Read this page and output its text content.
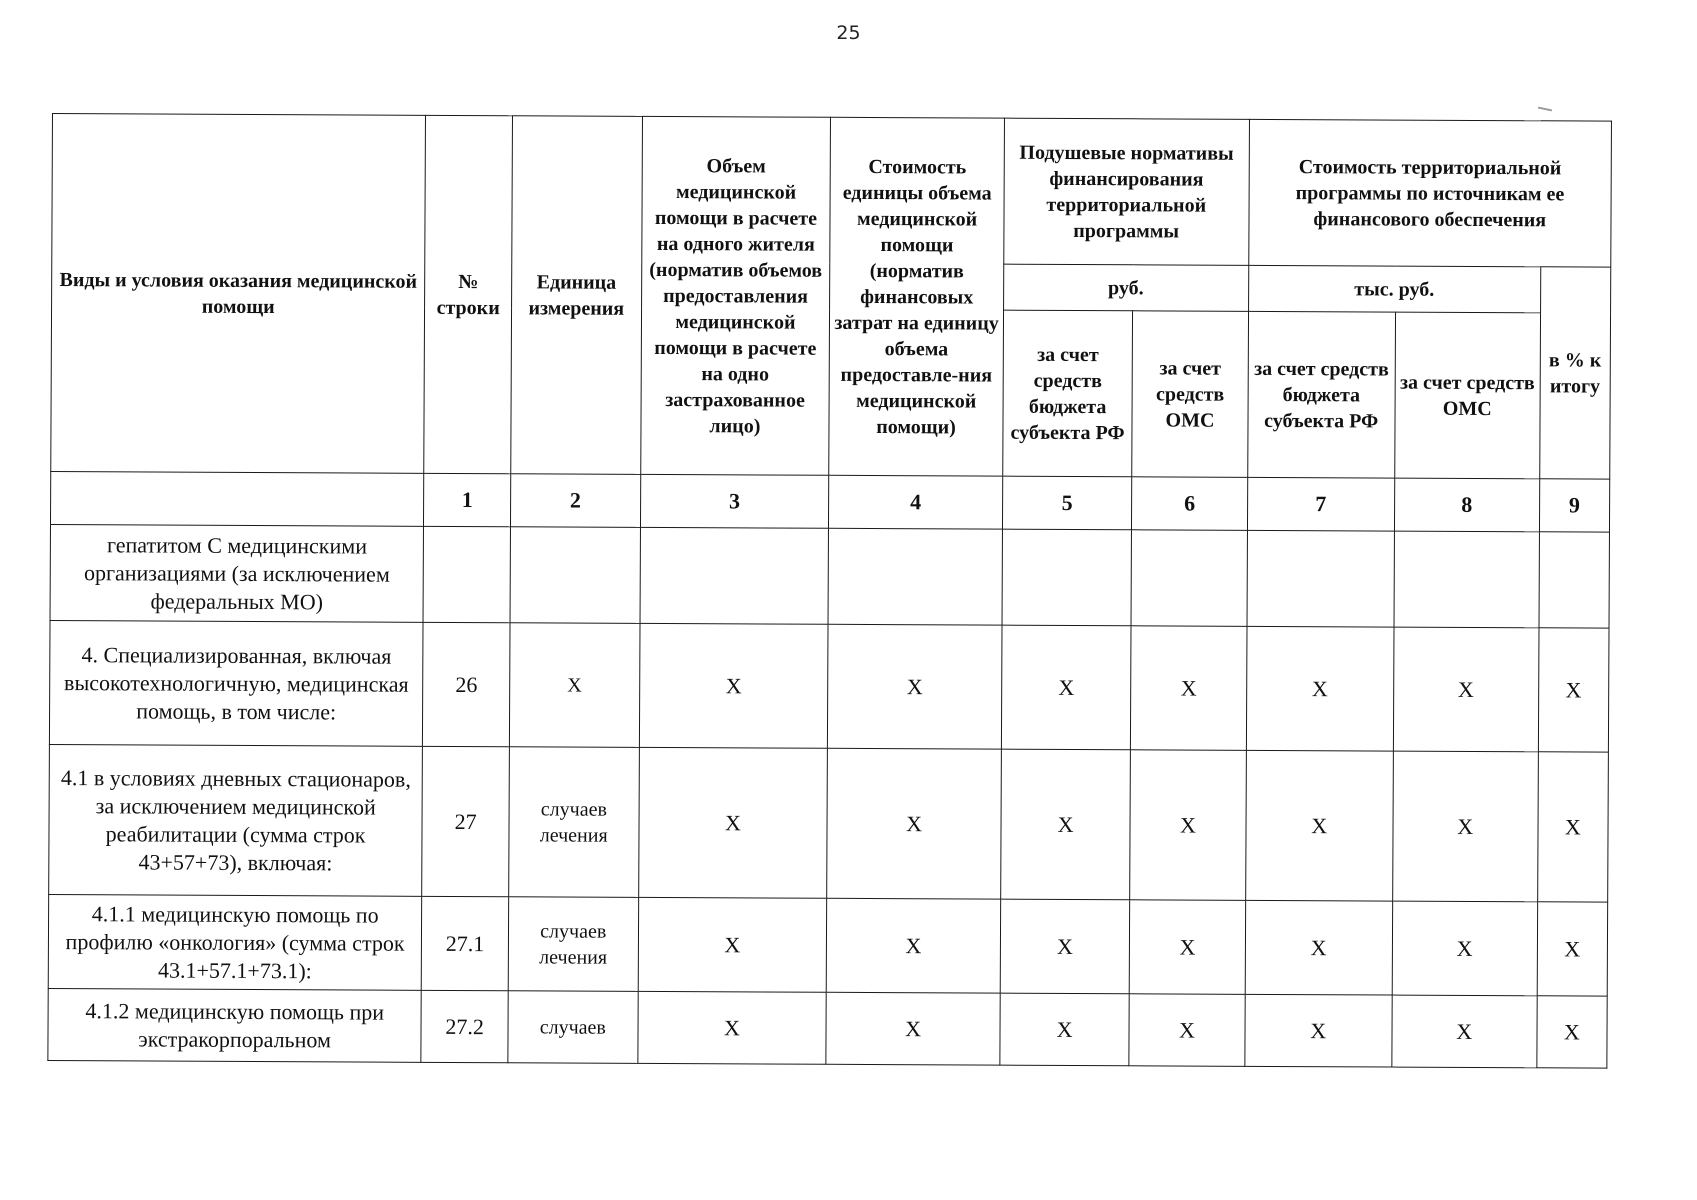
25
Виды и условия оказания медицинской помощи	№ строки	Единица измерения	Объем медицинской помощи в расчете на одного жителя (норматив объемов предоставления медицинской помощи в расчете на одно застрахованное лицо)	Стоимость единицы объема медицинской помощи (норматив финансовых затрат на единицу объема предоставле-ния медицинской помощи)	Подушевые нормативы финансирования территориальной программы		Стоимость территориальной программы по источникам ее финансового обеспечения		
					руб.		тыс. руб.		в % к итогу
					за счет средств бюджета субъекта РФ	за счет средств ОМС	за счет средств бюджета субъекта РФ	за счет средств ОМС	
	1	2	3	4	5	6	7	8	9
гепатитом С медицинскими организациями (за исключением федеральных МО)									
4. Специализированная, включая высокотехнологичную, медицинская помощь, в том числе:	26	Х	Х	Х	Х	Х	Х	Х	Х
4.1 в условиях дневных стационаров, за исключением медицинской реабилитации (сумма строк 43+57+73), включая:	27	случаев лечения	Х	Х	Х	Х	Х	Х	Х
4.1.1 медицинскую помощь по профилю «онкология» (сумма строк 43.1+57.1+73.1):	27.1	случаев лечения	Х	Х	Х	Х	Х	Х	Х
4.1.2 медицинскую помощь при экстракорпоральном	27.2	случаев	Х	Х	Х	Х	Х	Х	Х
